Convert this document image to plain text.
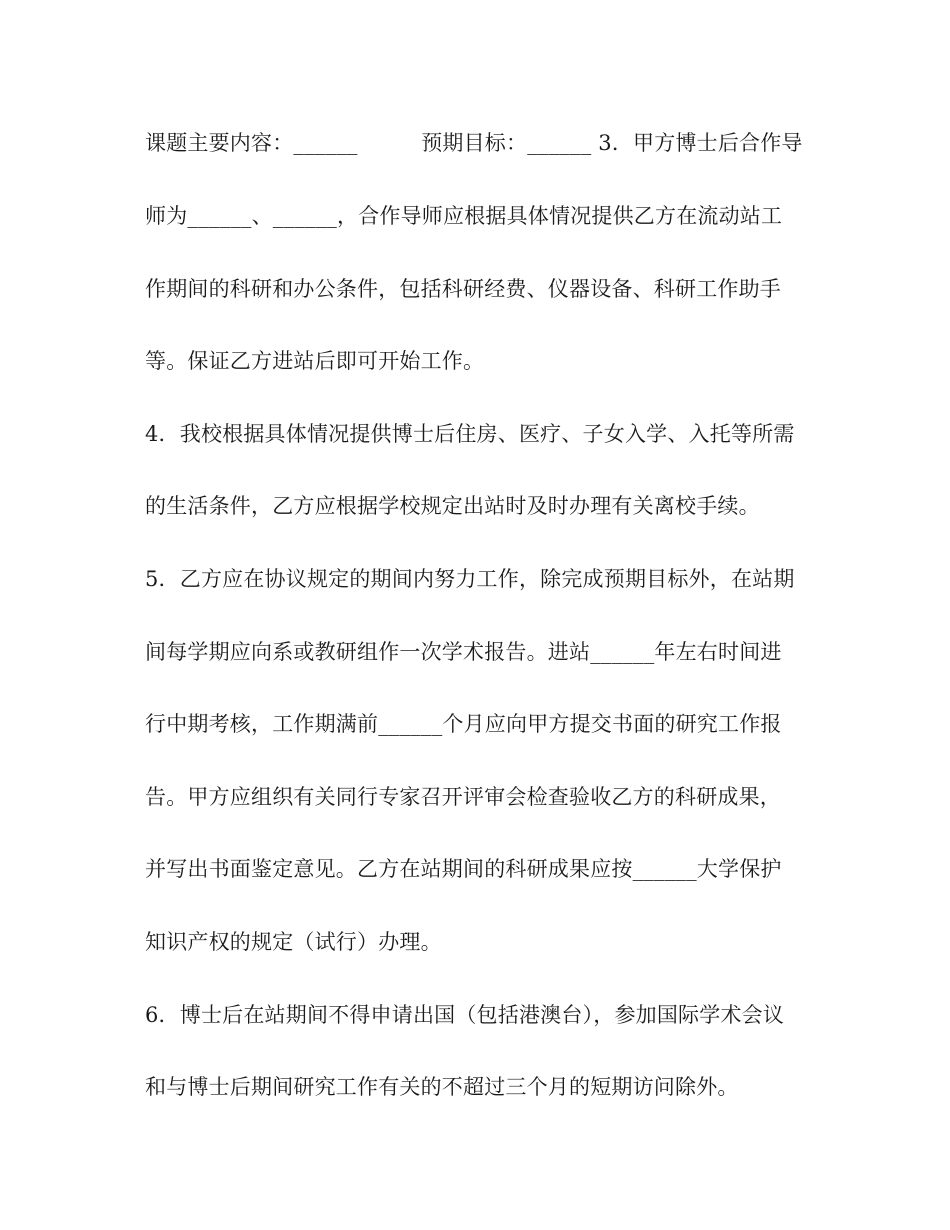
课题主要内容：______　　　预期目标：______ 3．甲方博士后合作导
师为______、______，合作导师应根据具体情况提供乙方在流动站工
作期间的科研和办公条件，包括科研经费、仪器设备、科研工作助手
等。保证乙方进站后即可开始工作。
4．我校根据具体情况提供博士后住房、医疗、子女入学、入托等所需
的生活条件，乙方应根据学校规定出站时及时办理有关离校手续。
5．乙方应在协议规定的期间内努力工作，除完成预期目标外，在站期
间每学期应向系或教研组作一次学术报告。进站______年左右时间进
行中期考核，工作期满前______个月应向甲方提交书面的研究工作报
告。甲方应组织有关同行专家召开评审会检查验收乙方的科研成果，
并写出书面鉴定意见。乙方在站期间的科研成果应按______大学保护
知识产权的规定（试行）办理。
6．博士后在站期间不得申请出国（包括港澳台），参加国际学术会议
和与博士后期间研究工作有关的不超过三个月的短期访问除外。
